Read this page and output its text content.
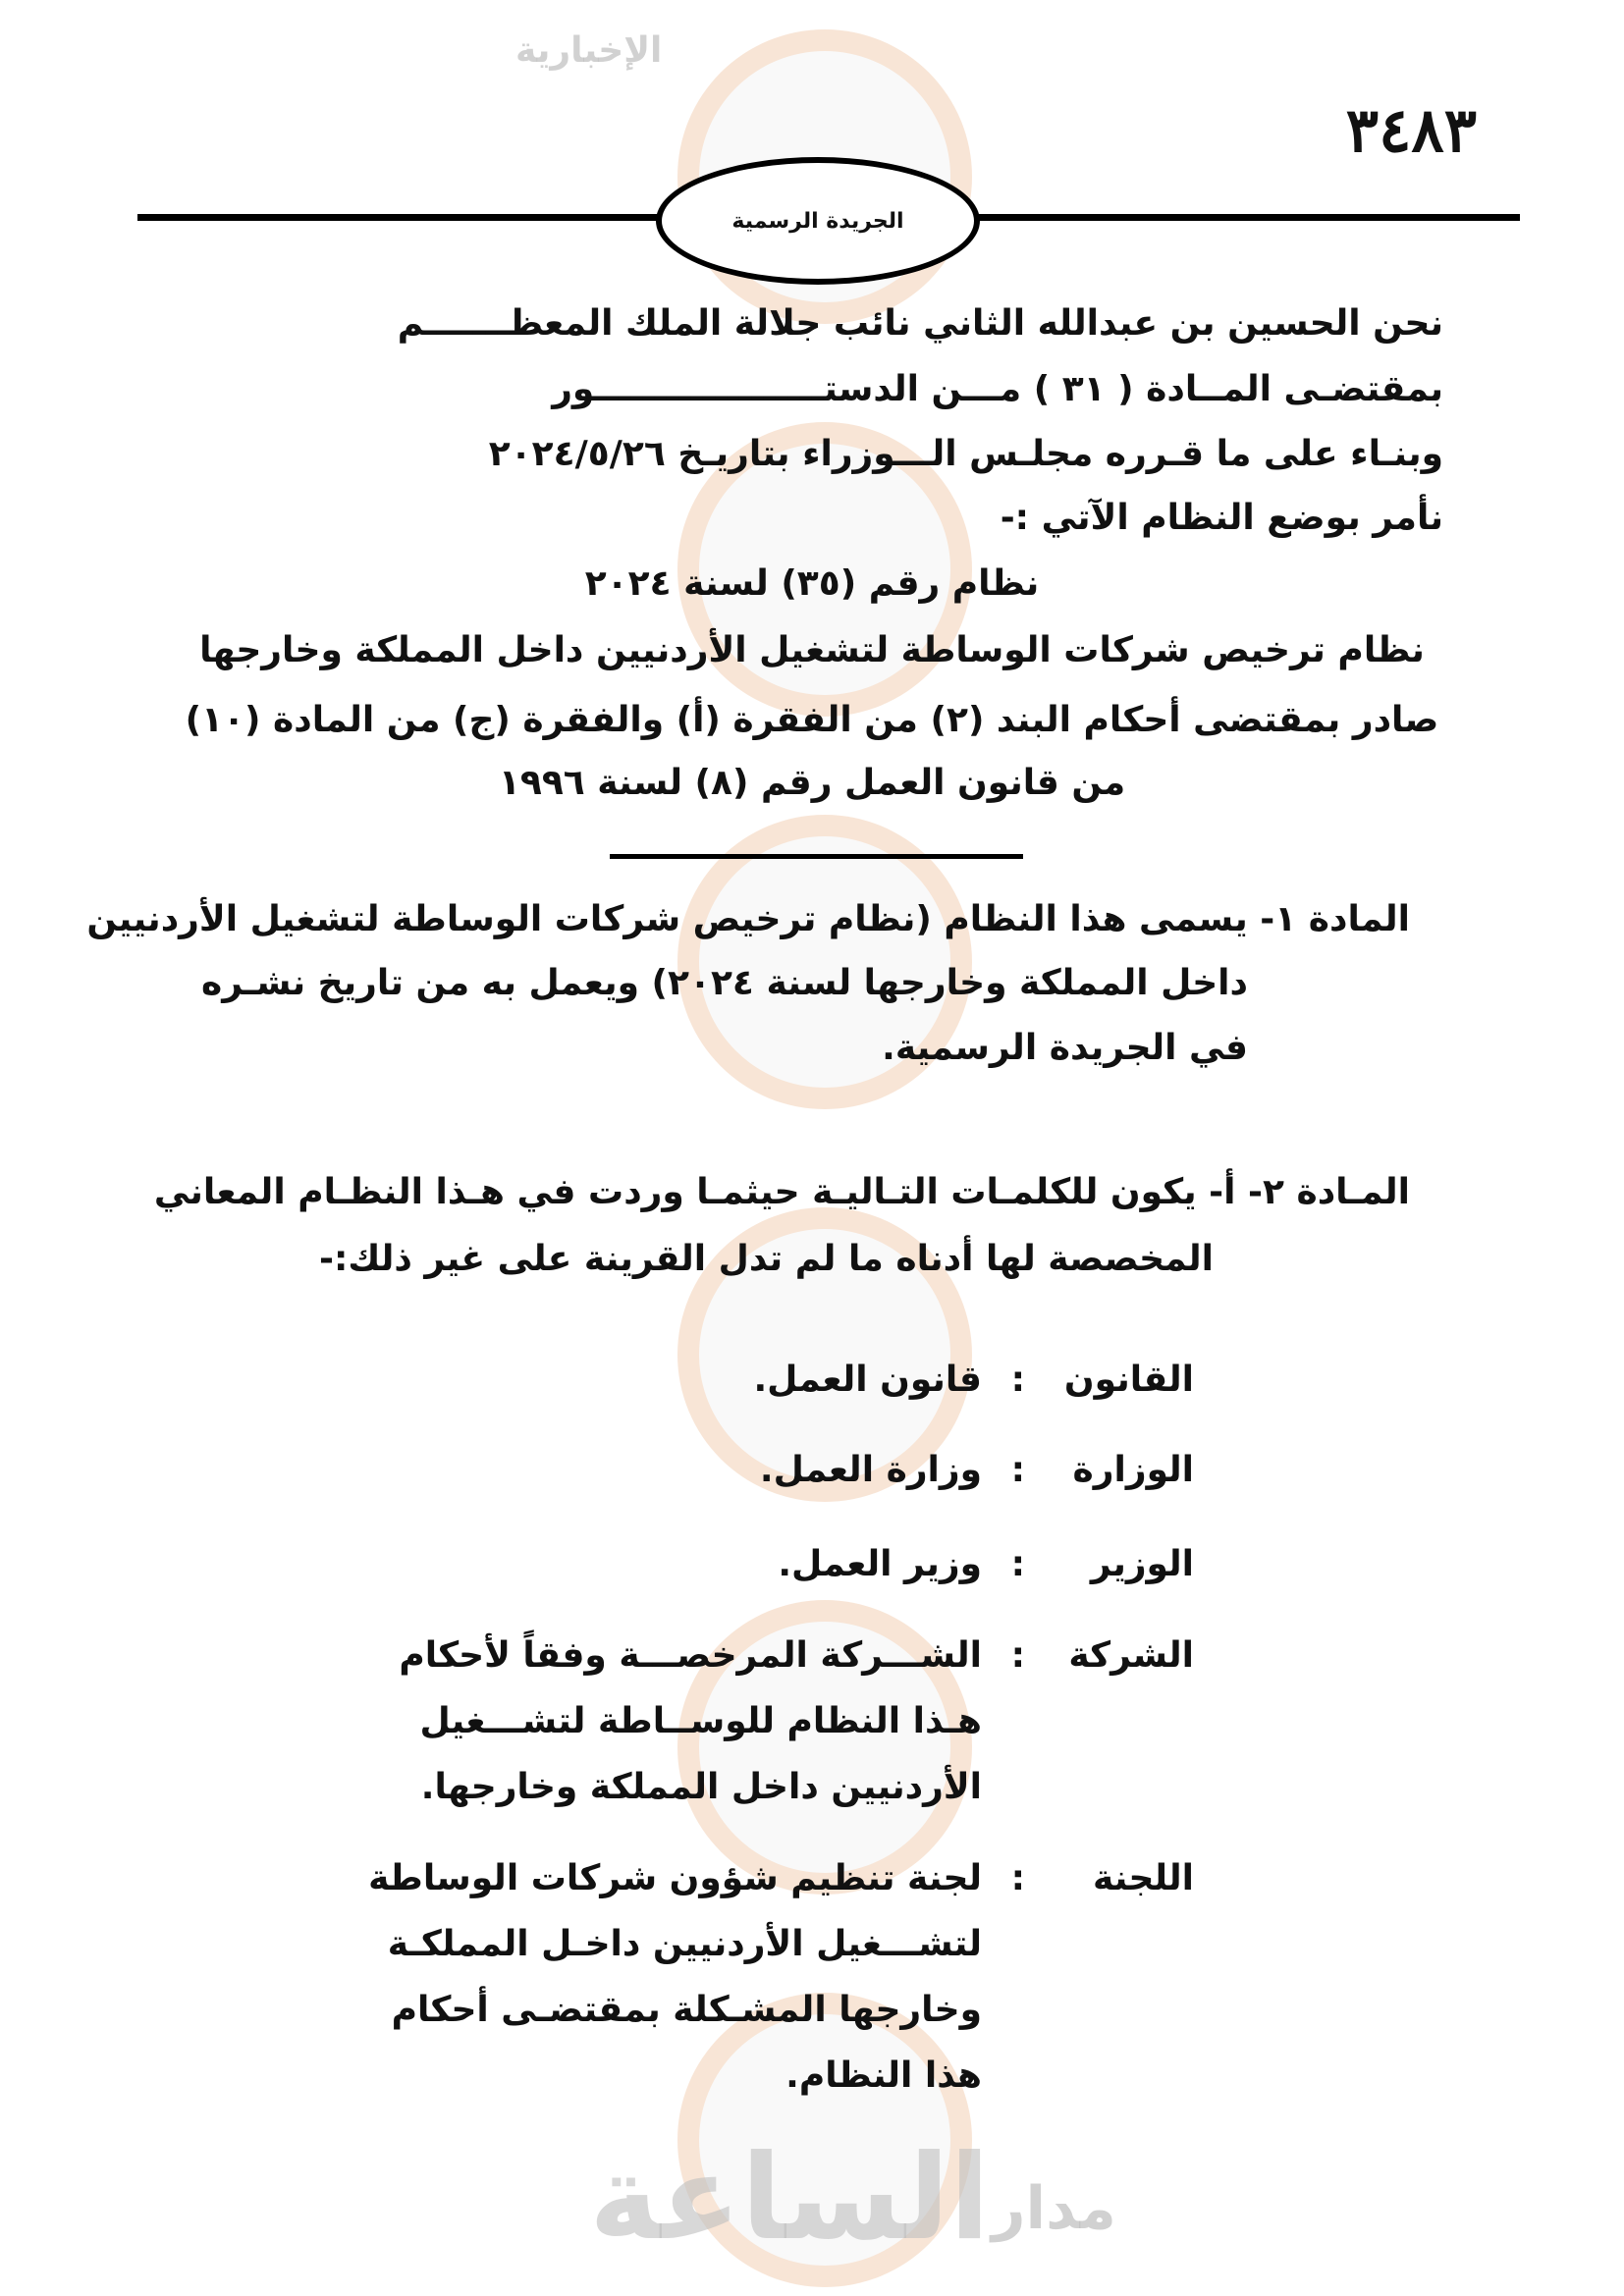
الإخبارية
الساعة مدار
٣٤٨٣
الجريدة الرسمية
نحن الحسين بن عبدالله الثاني نائب جلالة الملك المعظـــــــم
بمقتضـى المــادة ( ٣١ ) مـــن الدستـــــــــــــــــــور
وبنـاء على ما قـرره مجلـس الـــوزراء بتاريـخ ٢٠٢٤/٥/٢٦
نأمر بوضع النظام الآتي :-
نظام رقم (٣٥) لسنة ٢٠٢٤
نظام ترخيص شركات الوساطة لتشغيل الأردنيين داخل المملكة وخارجها
صادر بمقتضى أحكام البند (٢) من الفقرة (أ) والفقرة (ج) من المادة (١٠)
من قانون العمل رقم (٨) لسنة ١٩٩٦
المادة ١- يسمى هذا النظام (نظام ترخيص شركات الوساطة لتشغيل الأردنيين
داخل المملكة وخارجها لسنة ٢٠٢٤) ويعمل به من تاريخ نشـره
في الجريدة الرسمية.
المـادة ٢- أ- يكون للكلمـات التـاليـة حيثمـا وردت في هـذا النظـام المعاني
المخصصة لها أدناه ما لم تدل القرينة على غير ذلك:-
القانون
:
قانون العمل.
الوزارة
:
وزارة العمل.
الوزير
:
وزير العمل.
الشركة
:
الشـــركة المرخصـــة وفقاً لأحكام
هـذا النظام للوســاطة لتشـــغيل
الأردنيين داخل المملكة وخارجها.
اللجنة
:
لجنة تنظيم شؤون شركات الوساطة
لتشـــغيل الأردنيين داخـل المملكـة
وخارجها المشـكلة بمقتضـى أحكام
هذا النظام.
